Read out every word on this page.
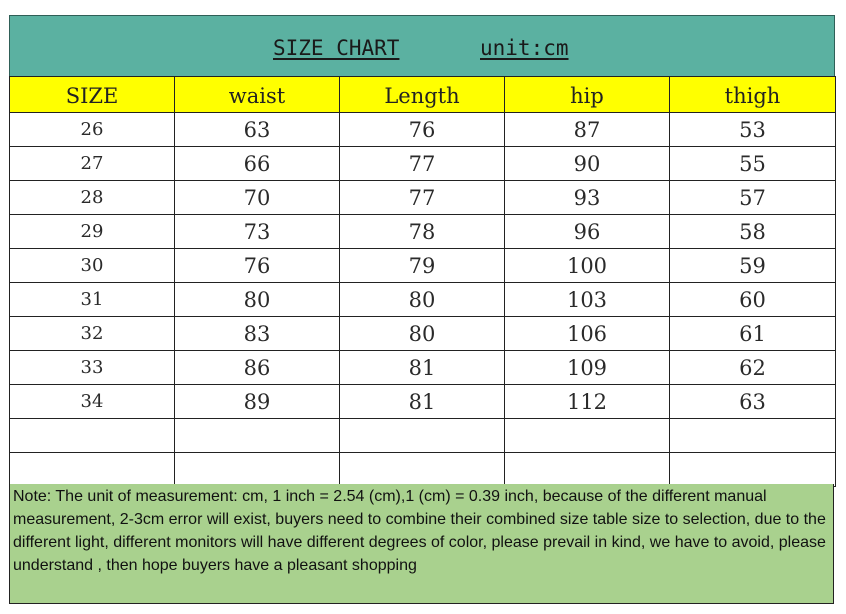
SIZE CHART	unit:cm
SIZE	waist	Length	hip	thigh
26	63	76	87	53
27	66	77	90	55
28	70	77	93	57
29	73	78	96	58
30	76	79	100	59
31	80	80	103	60
32	83	80	106	61
33	86	81	109	62
34	89	81	112	63

Note: The unit of measurement: cm, 1 inch = 2.54 (cm),1 (cm) = 0.39 inch, because of the different manual measurement, 2-3cm error will exist, buyers need to combine their combined size table size to selection, due to the different light, different monitors will have different degrees of color, please prevail in kind, we have to avoid, please understand , then hope buyers have a pleasant shopping
